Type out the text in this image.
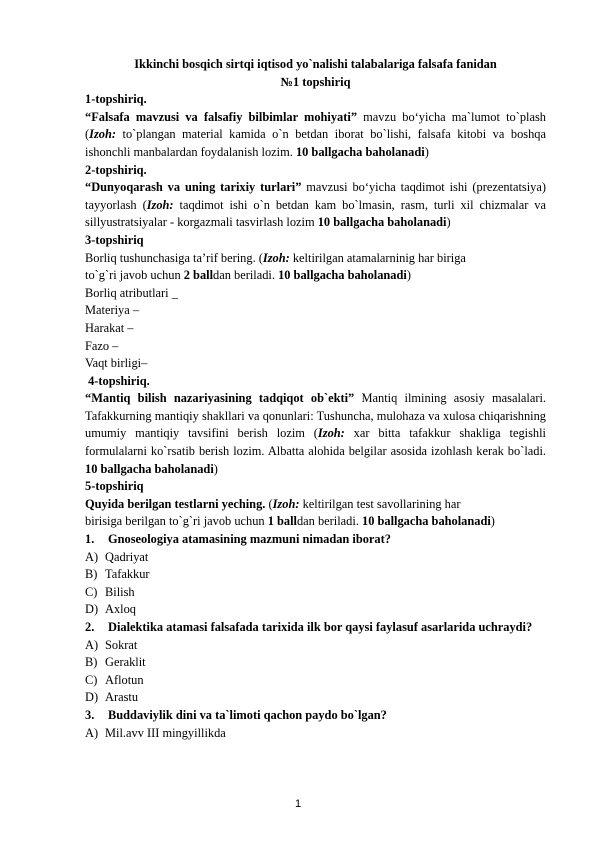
Ikkinchi bosqich sirtqi iqtisod yo`nalishi talabalariga falsafa fanidan
№1 topshiriq
1-topshiriq.
“Falsafa mavzusi va falsafiy bilbimlar mohiyati” mavzu bo‘yicha ma`lumot to`plash (Izoh: to`plangan material kamida o`n betdan iborat bo`lishi, falsafa kitobi va boshqa ishonchli manbalardan foydalanish lozim. 10 ballgacha baholanadi)
2-topshiriq.
“Dunyoqarash va uning tarixiy turlari” mavzusi bo‘yicha taqdimot ishi (prezentatsiya) tayyorlash (Izoh: taqdimot ishi o`n betdan kam bo`lmasin, rasm, turli xil chizmalar va sillyustratsiyalar - korgazmali tasvirlash lozim 10 ballgacha baholanadi)
3-topshiriq
Borliq tushunchasiga ta’rif bering. (Izoh: keltirilgan atamalarninig har biriga
to`g`ri javob uchun 2 balldan beriladi. 10 ballgacha baholanadi)
Borliq atributlari _
Materiya –
Harakat –
Fazo –
Vaqt birligi–
4-topshiriq.
“Mantiq bilish nazariyasining tadqiqot ob`ekti” Mantiq ilmining asosiy masalalari. Tafakkurning mantiqiy shakllari va qonunlari: Tushuncha, mulohaza va xulosa chiqarishning umumiy mantiqiy tavsifini berish lozim (Izoh: xar bitta tafakkur shakliga tegishli formulalarni ko`rsatib berish lozim. Albatta alohida belgilar asosida izohlash kerak bo`ladi. 10 ballgacha baholanadi)
5-topshiriq
Quyida berilgan testlarni yeching. (Izoh: keltirilgan test savollarining har
birisiga berilgan to`g`ri javob uchun 1 balldan beriladi. 10 ballgacha baholanadi)
1.	Gnoseologiya atamasining mazmuni nimadan iborat?
A) Qadriyat
B) Tafakkur
C) Bilish
D) Axloq
2.	Dialektika atamasi falsafada tarixida ilk bor qaysi faylasuf asarlarida uchraydi?
A) Sokrat
B) Geraklit
C) Aflotun
D) Arastu
3.	Buddaviylik dini va ta`limoti qachon paydo bo`lgan?
A) Mil.avv III mingyillikda
1
